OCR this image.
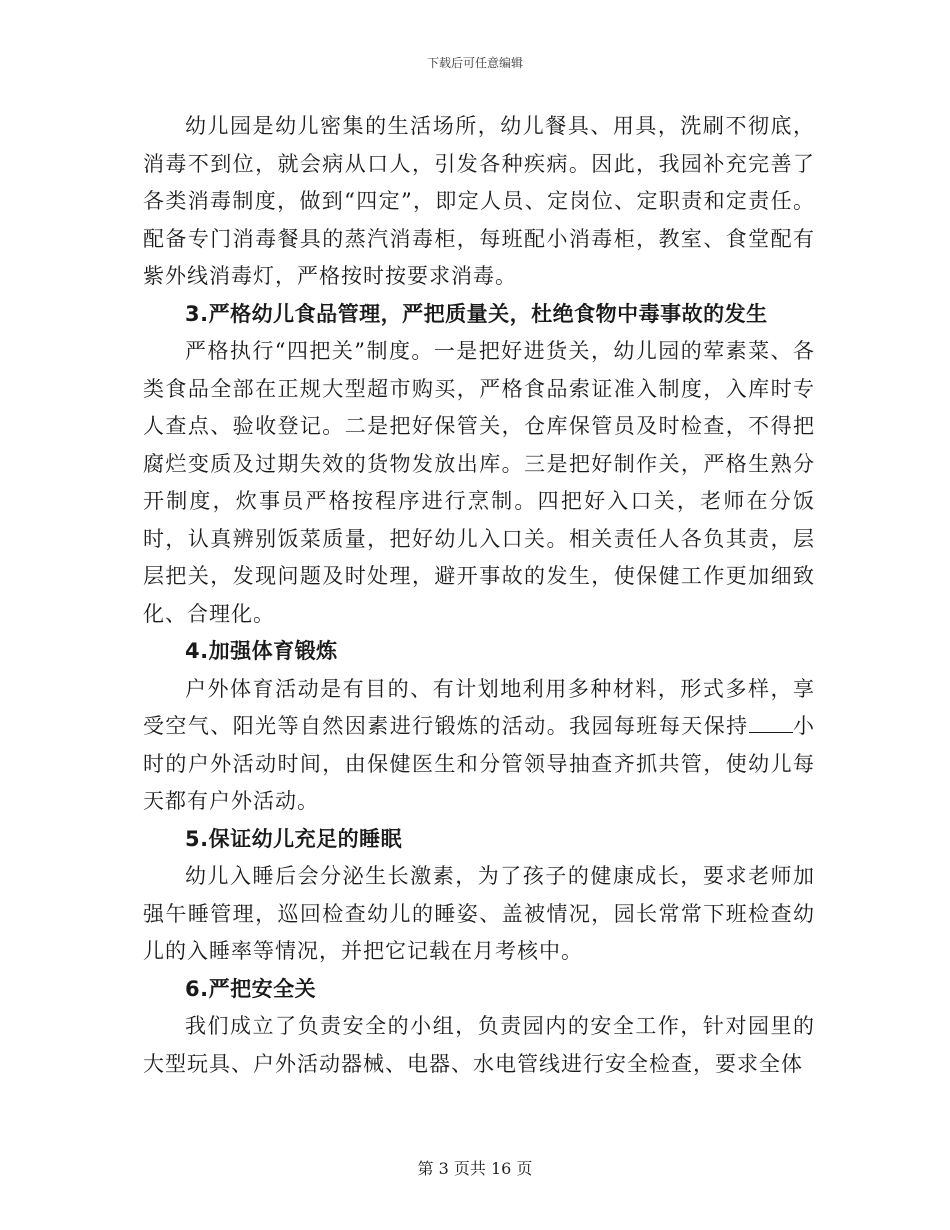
下载后可任意编辑

幼儿园是幼儿密集的生活场所，幼儿餐具、用具，洗刷不彻底，消毒不到位，就会病从口人，引发各种疾病。因此，我园补充完善了各类消毒制度，做到“四定”，即定人员、定岗位、定职责和定责任。配备专门消毒餐具的蒸汽消毒柜，每班配小消毒柜，教室、食堂配有紫外线消毒灯，严格按时按要求消毒。

3.严格幼儿食品管理，严把质量关，杜绝食物中毒事故的发生

严格执行“四把关”制度。一是把好进货关，幼儿园的荤素菜、各类食品全部在正规大型超市购买，严格食品索证准入制度，入库时专人查点、验收登记。二是把好保管关，仓库保管员及时检查，不得把腐烂变质及过期失效的货物发放出库。三是把好制作关，严格生熟分开制度，炊事员严格按程序进行烹制。四把好入口关，老师在分饭时，认真辨别饭菜质量，把好幼儿入口关。相关责任人各负其责，层层把关，发现问题及时处理，避开事故的发生，使保健工作更加细致化、合理化。

4.加强体育锻炼

户外体育活动是有目的、有计划地利用多种材料，形式多样，享受空气、阳光等自然因素进行锻炼的活动。我园每班每天保持 小时的户外活动时间，由保健医生和分管领导抽查齐抓共管，使幼儿每天都有户外活动。

5.保证幼儿充足的睡眠

幼儿入睡后会分泌生长激素，为了孩子的健康成长，要求老师加强午睡管理，巡回检查幼儿的睡姿、盖被情况，园长常常下班检查幼儿的入睡率等情况，并把它记载在月考核中。

6.严把安全关

我们成立了负责安全的小组，负责园内的安全工作，针对园里的大型玩具、户外活动器械、电器、水电管线进行安全检查，要求全体

第 3 页共 16 页
